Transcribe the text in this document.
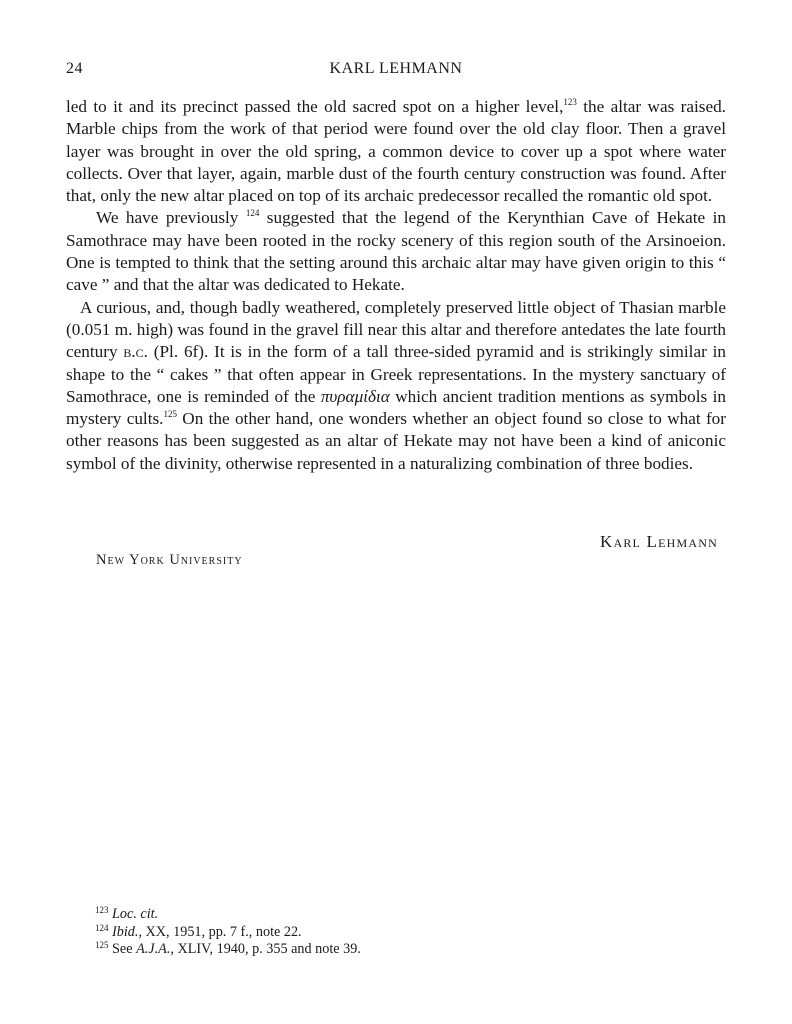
24	KARL LEHMANN

led to it and its precinct passed the old sacred spot on a higher level,$^{123}$ the altar was raised. Marble chips from the work of that period were found over the old clay floor. Then a gravel layer was brought in over the old spring, a common device to cover up a spot where water collects. Over that layer, again, marble dust of the fourth century construction was found. After that, only the new altar placed on top of its archaic predecessor recalled the romantic old spot.

We have previously $^{124}$ suggested that the legend of the Kerynthian Cave of Hekate in Samothrace may have been rooted in the rocky scenery of this region south of the Arsinoeion. One is tempted to think that the setting around this archaic altar may have given origin to this “ cave ” and that the altar was dedicated to Hekate.

A curious, and, though badly weathered, completely preserved little object of Thasian marble (0.051 m. high) was found in the gravel fill near this altar and therefore antedates the late fourth century b.c. (Pl. 6f). It is in the form of a tall three-sided pyramid and is strikingly similar in shape to the “ cakes ” that often appear in Greek representations. In the mystery sanctuary of Samothrace, one is reminded of the πυραμίδια which ancient tradition mentions as symbols in mystery cults.$^{125}$ On the other hand, one wonders whether an object found so close to what for other reasons has been suggested as an altar of Hekate may not have been a kind of aniconic symbol of the divinity, otherwise represented in a naturalizing combination of three bodies.

Karl Lehmann
New York University
$^{123}$ Loc. cit.
$^{124}$ Ibid., XX, 1951, pp. 7 f., note 22.
$^{125}$ See A.J.A., XLIV, 1940, p. 355 and note 39.
